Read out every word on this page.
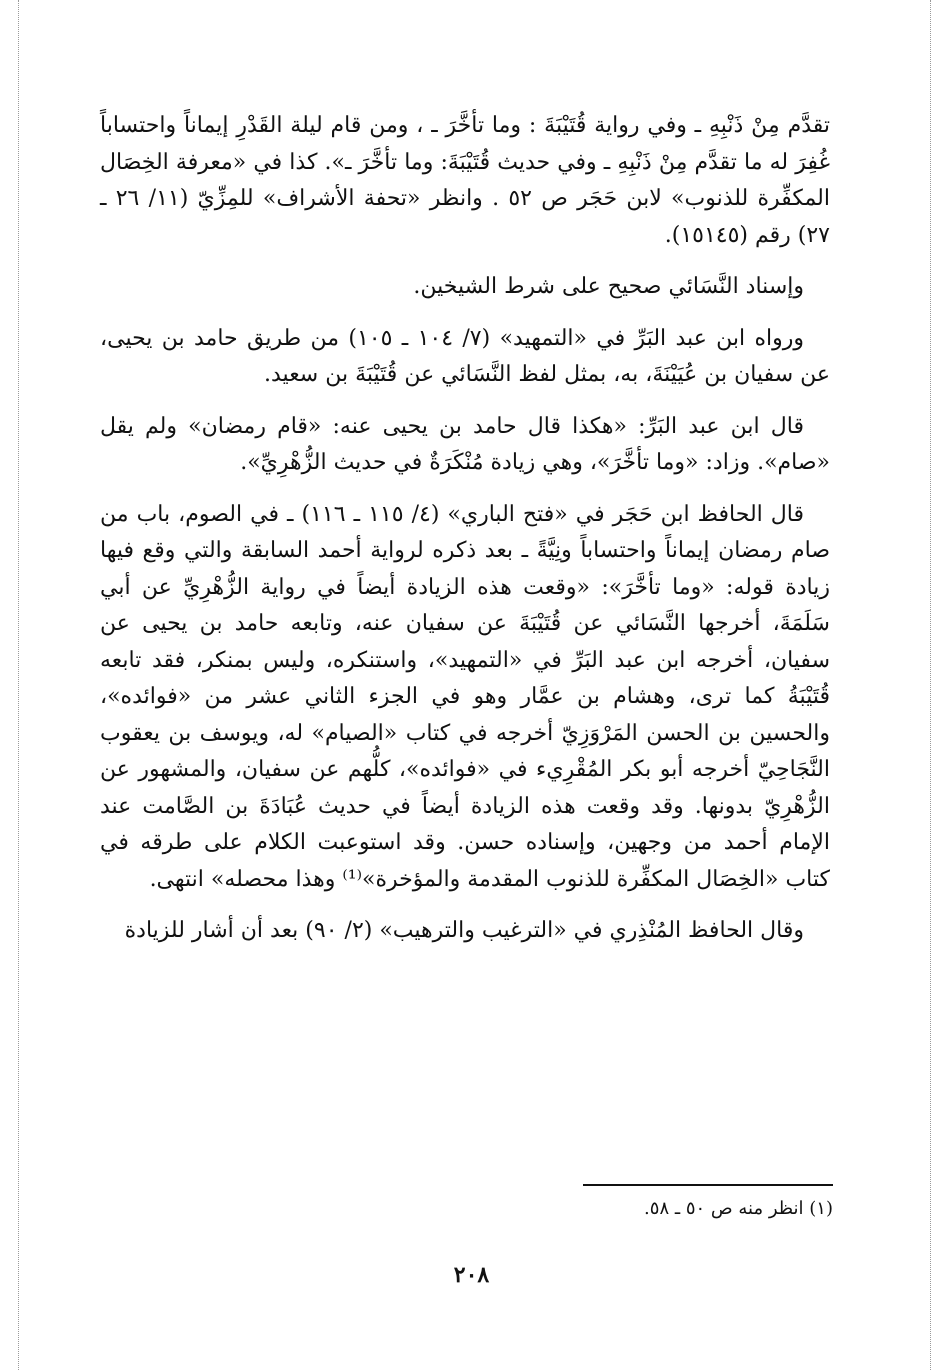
تقدَّم مِنْ ذَنْبِهِ ـ وفي رواية قُتَيْبَةَ : وما تأخَّرَ ـ ، ومن قام ليلة القَدْرِ إيماناً واحتساباً غُفِرَ له ما تقدَّم مِنْ ذَنْبِهِ ـ وفي حديث قُتَيْبَةَ: وما تأخَّرَ ـ». كذا في «معرفة الخِصَال المكفِّرة للذنوب» لابن حَجَر ص ٥٢ . وانظر «تحفة الأشراف» للمِزِّيّ (١١/ ٢٦ ـ ٢٧) رقم (١٥١٤٥).

وإسناد النَّسَائي صحيح على شرط الشيخين.

ورواه ابن عبد البَرِّ في «التمهيد» (٧/ ١٠٤ ـ ١٠٥) من طريق حامد بن يحيى، عن سفيان بن عُيَيْنَةَ، به، بمثل لفظ النَّسَائي عن قُتَيْبَةَ بن سعيد.

قال ابن عبد البَرِّ: «هكذا قال حامد بن يحيى عنه: «قام رمضان» ولم يقل «صام». وزاد: «وما تأخَّرَ»، وهي زيادة مُنْكَرَةٌ في حديث الزُّهْرِيِّ».

قال الحافظ ابن حَجَر في «فتح الباري» (٤/ ١١٥ ـ ١١٦) ـ في الصوم، باب من صام رمضان إيماناً واحتساباً ونِيَّةً ـ بعد ذكره لرواية أحمد السابقة والتي وقع فيها زيادة قوله: «وما تأخَّرَ»: «وقعت هذه الزيادة أيضاً في رواية الزُّهْرِيِّ عن أبي سَلَمَةَ، أخرجها النَّسَائي عن قُتَيْبَةَ عن سفيان عنه، وتابعه حامد بن يحيى عن سفيان، أخرجه ابن عبد البَرِّ في «التمهيد»، واستنكره، وليس بمنكر، فقد تابعه قُتَيْبَةُ كما ترى، وهشام بن عمَّار وهو في الجزء الثاني عشر من «فوائده»، والحسين بن الحسن المَرْوَزِيّ أخرجه في كتاب «الصيام» له، ويوسف بن يعقوب النَّجَاحِيّ أخرجه أبو بكر المُقْرِيء في «فوائده»، كلُّهم عن سفيان، والمشهور عن الزُّهْرِيّ بدونها. وقد وقعت هذه الزيادة أيضاً في حديث عُبَادَةَ بن الصَّامت عند الإمام أحمد من وجهين، وإسناده حسن. وقد استوعبت الكلام على طرقه في كتاب «الخِصَال المكفِّرة للذنوب المقدمة والمؤخرة»⁽¹⁾ وهذا محصله» انتهى.

وقال الحافظ المُنْذِري في «الترغيب والترهيب» (٢/ ٩٠) بعد أن أشار للزيادة

(١) انظر منه ص ٥٠ ـ ٥٨.
٢٠٨
